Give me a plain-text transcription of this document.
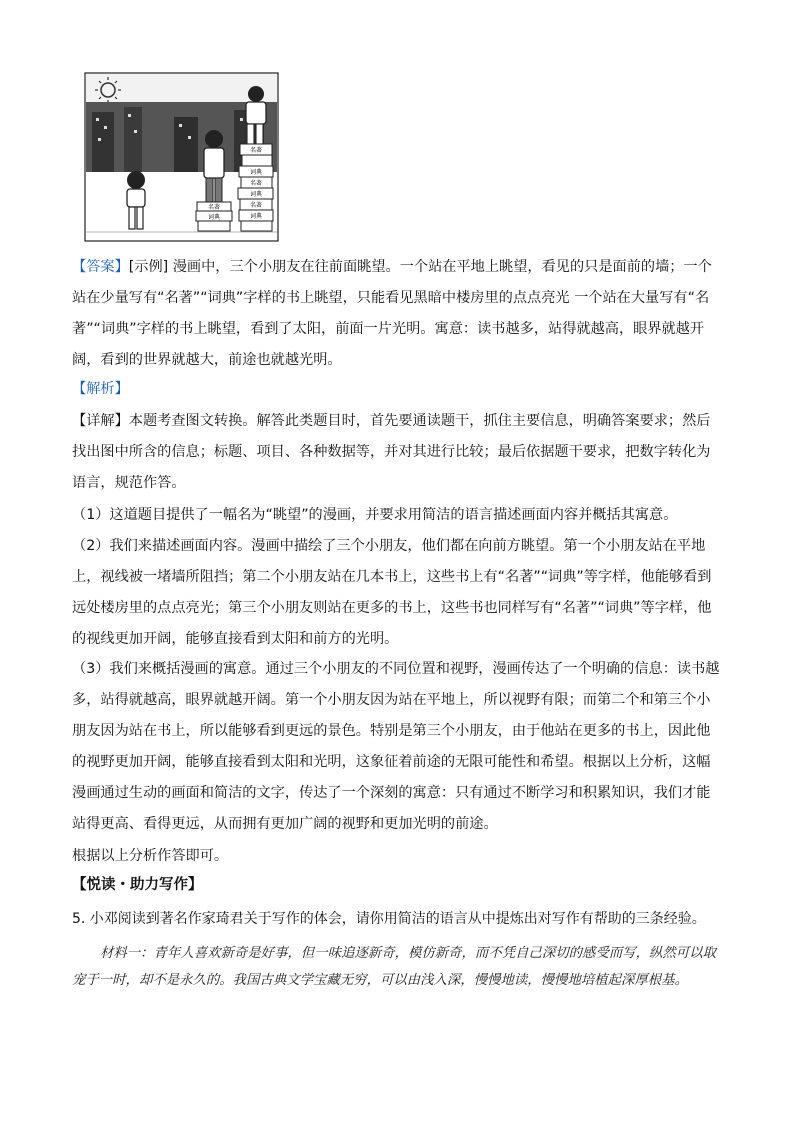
名著
词典
名著
词典
名著
词典
名著
词典

【答案】[示例] 漫画中，三个小朋友在往前面眺望。一个站在平地上眺望，看见的只是面前的墙；一个站在少量写有“名著”“词典”字样的书上眺望，只能看见黑暗中楼房里的点点亮光 一个站在大量写有“名著”“词典”字样的书上眺望，看到了太阳，前面一片光明。寓意：读书越多，站得就越高，眼界就越开阔，看到的世界就越大，前途也就越光明。

【解析】

【详解】本题考查图文转换。解答此类题目时，首先要通读题干，抓住主要信息，明确答案要求；然后找出图中所含的信息；标题、项目、各种数据等，并对其进行比较；最后依据题干要求，把数字转化为语言，规范作答。

（1）这道题目提供了一幅名为“眺望”的漫画，并要求用简洁的语言描述画面内容并概括其寓意。

（2）我们来描述画面内容。漫画中描绘了三个小朋友，他们都在向前方眺望。第一个小朋友站在平地上，视线被一堵墙所阻挡；第二个小朋友站在几本书上，这些书上有“名著”“词典”等字样，他能够看到远处楼房里的点点亮光；第三个小朋友则站在更多的书上，这些书也同样写有“名著”“词典”等字样，他的视线更加开阔，能够直接看到太阳和前方的光明。

（3）我们来概括漫画的寓意。通过三个小朋友的不同位置和视野，漫画传达了一个明确的信息：读书越多，站得就越高，眼界就越开阔。第一个小朋友因为站在平地上，所以视野有限；而第二个和第三个小朋友因为站在书上，所以能够看到更远的景色。特别是第三个小朋友，由于他站在更多的书上，因此他的视野更加开阔，能够直接看到太阳和光明，这象征着前途的无限可能性和希望。根据以上分析，这幅漫画通过生动的画面和简洁的文字，传达了一个深刻的寓意：只有通过不断学习和积累知识，我们才能站得更高、看得更远，从而拥有更加广阔的视野和更加光明的前途。

根据以上分析作答即可。

【悦读・助力写作】

5. 小邓阅读到著名作家琦君关于写作的体会，请你用简洁的语言从中提炼出对写作有帮助的三条经验。

材料一：青年人喜欢新奇是好事，但一味追逐新奇，模仿新奇，而不凭自己深切的感受而写，纵然可以取宠于一时，却不是永久的。我国古典文学宝藏无穷，可以由浅入深，慢慢地读，慢慢地培植起深厚根基。
